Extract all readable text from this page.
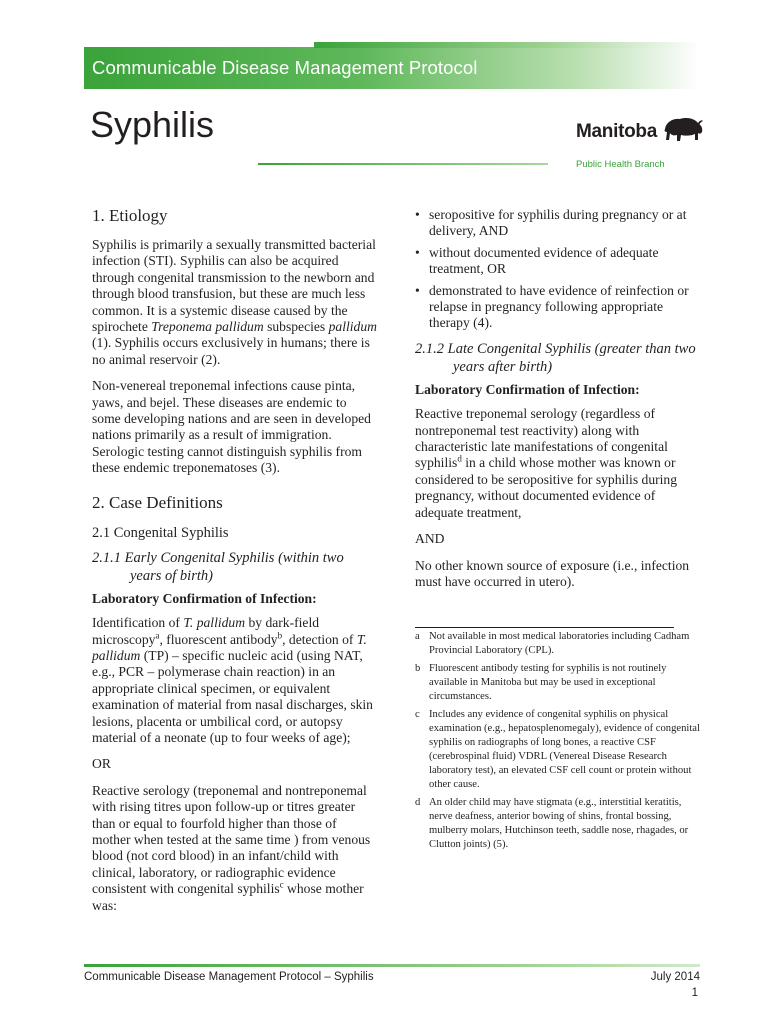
Communicable Disease Management Protocol
Syphilis	Manitoba
Public Health Branch
1. Etiology

Syphilis is primarily a sexually transmitted bacterial infection (STI). Syphilis can also be acquired through congenital transmission to the newborn and through blood transfusion, but these are much less common. It is a systemic disease caused by the spirochete Treponema pallidum subspecies pallidum (1). Syphilis occurs exclusively in humans; there is no animal reservoir (2).

Non-venereal treponemal infections cause pinta, yaws, and bejel. These diseases are endemic to some developing nations and are seen in developed nations primarily as a result of immigration. Serologic testing cannot distinguish syphilis from these endemic treponematoses (3).

2. Case Definitions
2.1 Congenital Syphilis
2.1.1 Early Congenital Syphilis (within two years of birth)
Laboratory Confirmation of Infection:

Identification of T. pallidum by dark-field microscopy$^a$, fluorescent antibody$^b$, detection of T. pallidum (TP) – specific nucleic acid (using NAT, e.g., PCR – polymerase chain reaction) in an appropriate clinical specimen, or equivalent examination of material from nasal discharges, skin lesions, placenta or umbilical cord, or autopsy material of a neonate (up to four weeks of age);

OR

Reactive serology (treponemal and nontreponemal with rising titres upon follow-up or titres greater than or equal to fourfold higher than those of mother when tested at the same time ) from venous blood (not cord blood) in an infant/child with clinical, laboratory, or radiographic evidence consistent with congenital syphilis$^c$ whose mother was:

• seropositive for syphilis during pregnancy or at delivery, AND
• without documented evidence of adequate treatment, OR
• demonstrated to have evidence of reinfection or relapse in pregnancy following appropriate therapy (4).
2.1.2 Late Congenital Syphilis (greater than two years after birth)
Laboratory Confirmation of Infection:

Reactive treponemal serology (regardless of nontreponemal test reactivity) along with characteristic late manifestations of congenital syphilis$^d$ in a child whose mother was known or considered to be seropositive for syphilis during pregnancy, without documented evidence of adequate treatment,

AND

No other known source of exposure (i.e., infection must have occurred in utero).

a Not available in most medical laboratories including Cadham Provincial Laboratory (CPL).
b Fluorescent antibody testing for syphilis is not routinely available in Manitoba but may be used in exceptional circumstances.
c Includes any evidence of congenital syphilis on physical examination (e.g., hepatosplenomegaly), evidence of congenital syphilis on radiographs of long bones, a reactive CSF (cerebrospinal fluid) VDRL (Venereal Disease Research laboratory test), an elevated CSF cell count or protein without other cause.
d An older child may have stigmata (e.g., interstitial keratitis, nerve deafness, anterior bowing of shins, frontal bossing, mulberry molars, Hutchinson teeth, saddle nose, rhagades, or Clutton joints) (5).
Communicable Disease Management Protocol – Syphilis	July 2014
1
